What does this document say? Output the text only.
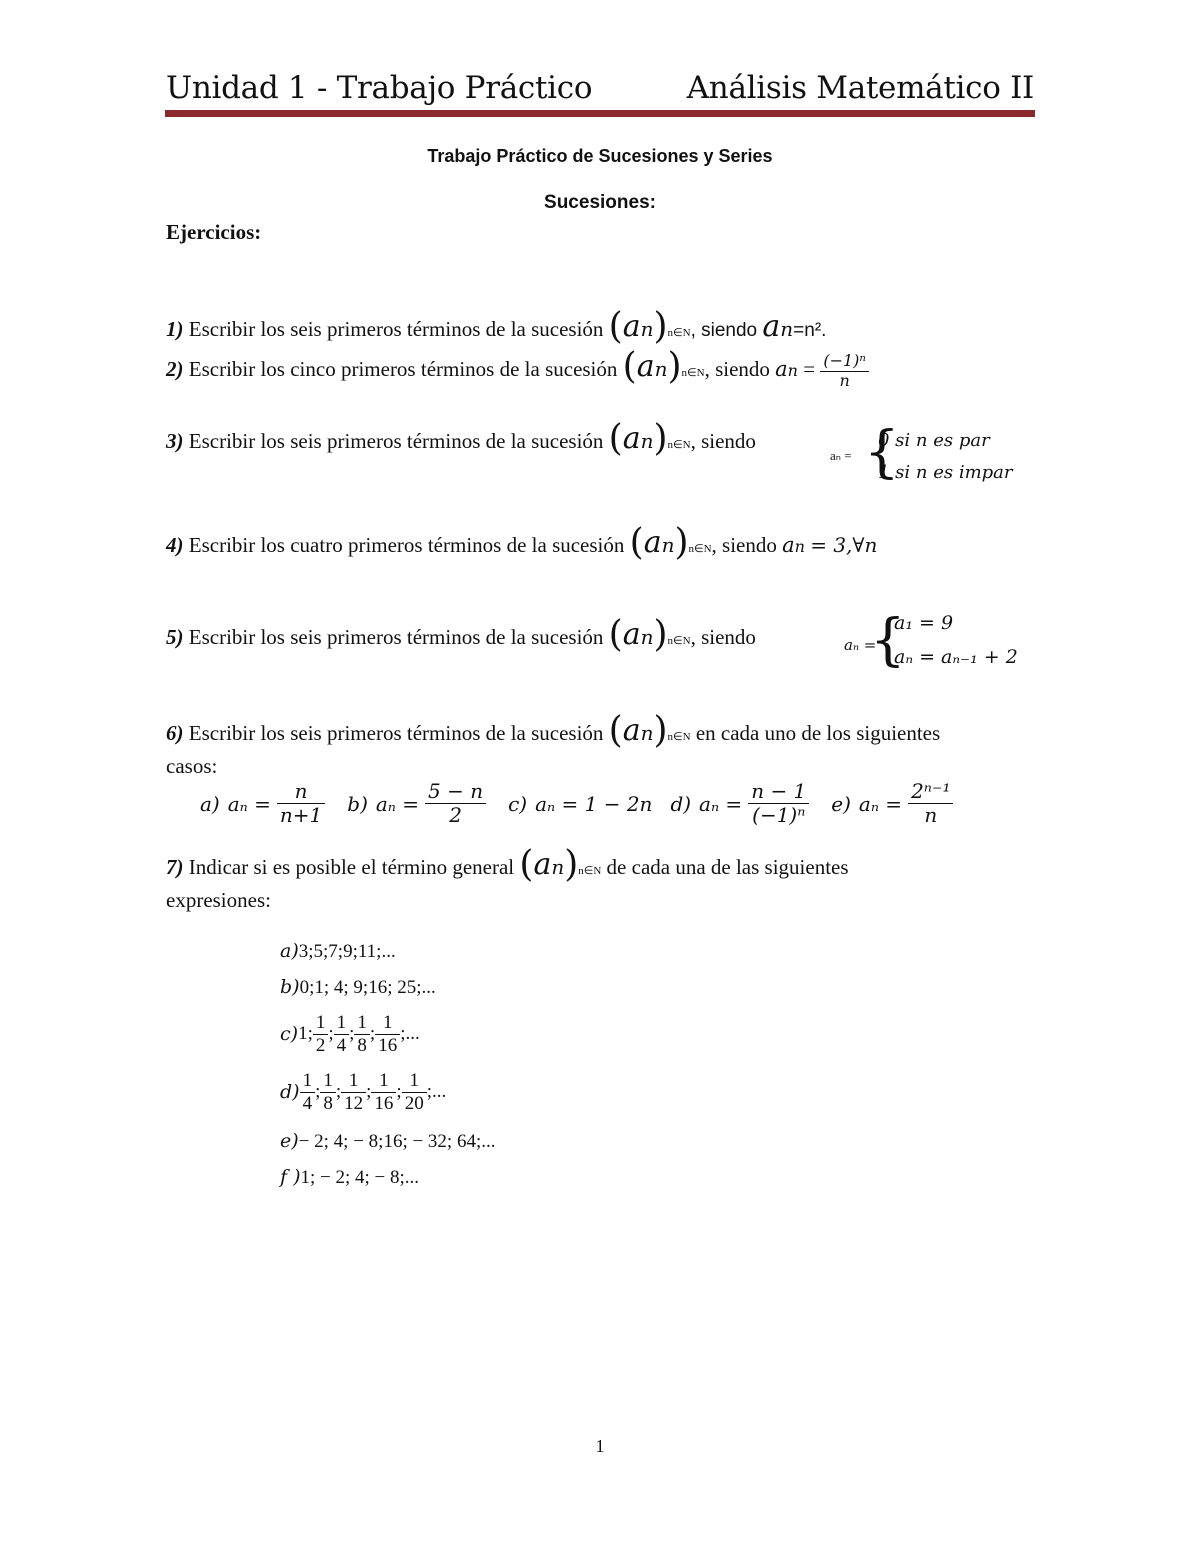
Unidad 1 - Trabajo Práctico	Análisis Matemático II
Trabajo Práctico de Sucesiones y Series
Sucesiones:
Ejercicios:
1) Escribir los seis primeros términos de la sucesión (an)n∈N, siendo an=n².
2) Escribir los cinco primeros términos de la sucesión (an)n∈N, siendo an = $\frac{\text{(−1)ⁿ}}{n}$
3) Escribir los seis primeros términos de la sucesión (an)n∈N, siendo
aₙ = {
0 si n es par
1 si n es impar
4) Escribir los cuatro primeros términos de la sucesión (an)n∈N, siendo an = 3,∀n
5) Escribir los seis primeros términos de la sucesión (an)n∈N, siendo	aₙ =
{
a₁ = 9
aₙ = aₙ₋₁ + 2
6) Escribir los seis primeros términos de la sucesión (an)n∈N en cada uno de los siguientes
casos:
a) $a_n = \frac{n}{n+1} b$) $a_n = \frac{5 - n}{2} c$) aₙ = 1 − 2n d) $a_n = \frac{n - 1}{\text{(−1)ⁿ}} e$) $a_n = \frac{\text{2ⁿ⁻¹}}{n}$
7) Indicar si es posible el término general (an)n∈N de cada una de las siguientes
expresiones:
a)3;5;7;9;11;...
b)0;1; 4; 9;16; 25;...
c) 1; $\frac{1}{2}$ ; $\frac{1}{4}$ ; $\frac{1}{8}$ ; $\frac{1}{16}$ ;...
$d) \frac{1}{4}$ ; $\frac{1}{8}$ ; $\frac{1}{12}$ ; $\frac{1}{16}$ ; $\frac{1}{20}$ ;...
e)− 2; 4; − 8;16; − 32; 64;...
f )1; − 2; 4; − 8;...
1
